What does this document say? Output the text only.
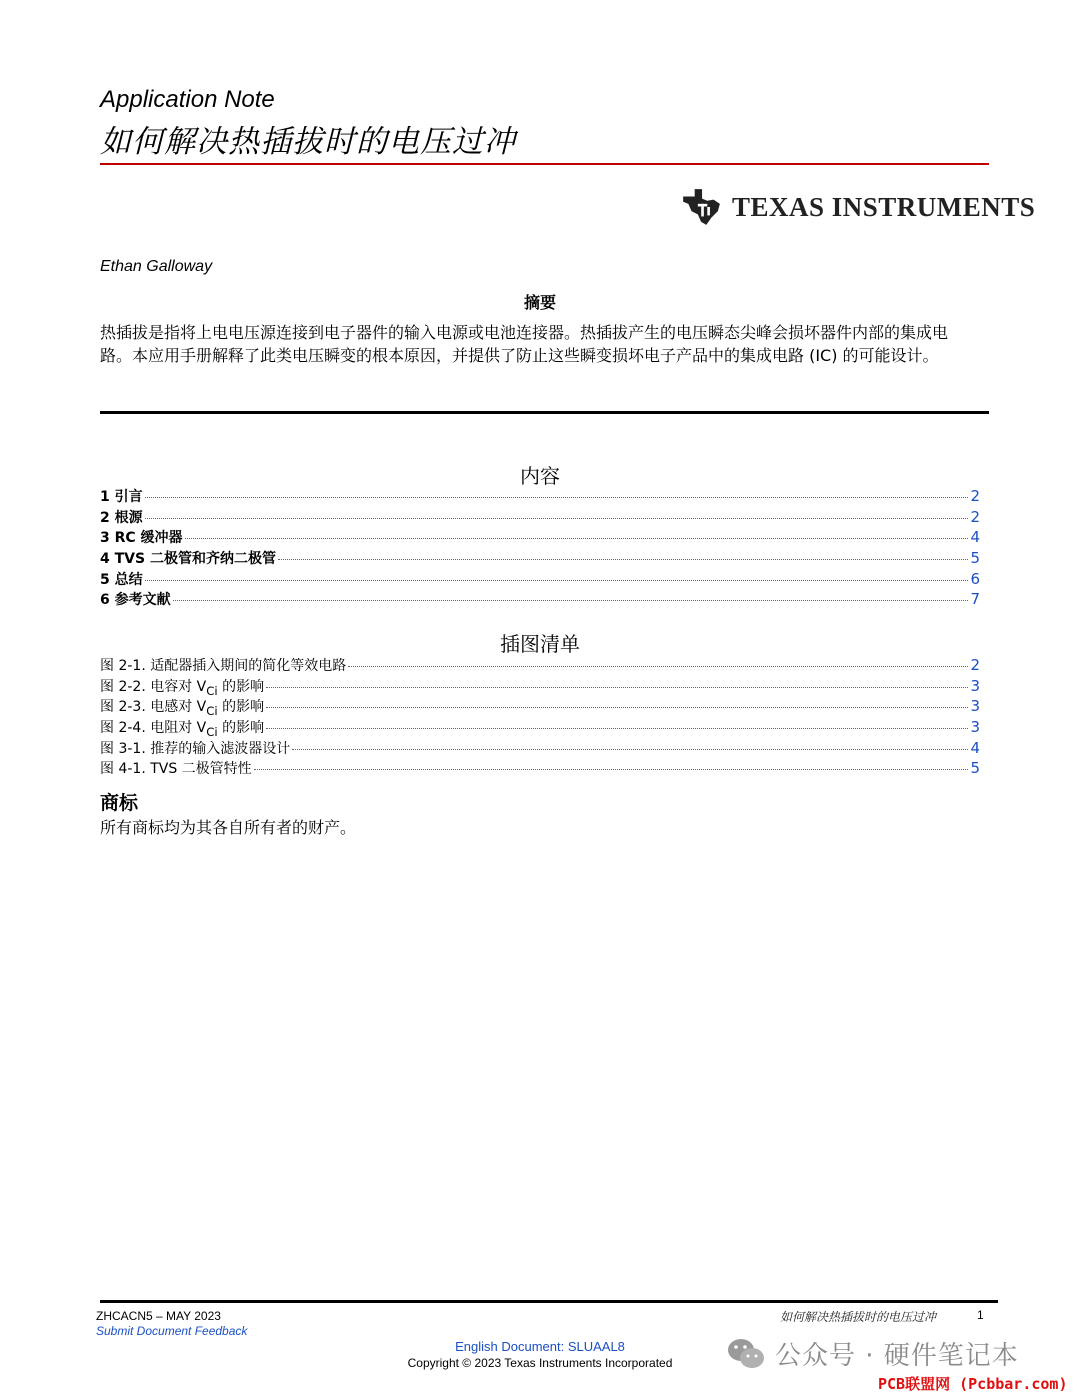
Application Note
如何解决热插拔时的电压过冲
TEXAS INSTRUMENTS
Ethan Galloway
摘要
热插拔是指将上电电压源连接到电子器件的输入电源或电池连接器。热插拔产生的电压瞬态尖峰会损坏器件内部的集成电路。本应用手册解释了此类电压瞬变的根本原因，并提供了防止这些瞬变损坏电子产品中的集成电路 (IC) 的可能设计。
内容
1 引言	2
2 根源	2
3 RC 缓冲器	4
4 TVS 二极管和齐纳二极管	5
5 总结	6
6 参考文献	7
插图清单
图 2-1. 适配器插入期间的简化等效电路	2
图 2-2. 电容对 $V_{Ci}$ 的影响	3
图 2-3. 电感对 $V_{Ci}$ 的影响	3
图 2-4. 电阻对 $V_{Ci}$ 的影响	3
图 3-1. 推荐的输入滤波器设计	4
图 4-1. TVS 二极管特性	5
商标
所有商标均为其各自所有者的财产。
ZHCACN5 – MAY 2023
Submit Document Feedback
如何解决热插拔时的电压过冲	1
English Document: SLUAAL8
Copyright © 2023 Texas Instruments Incorporated	公众号 · 硬件笔记本
PCB联盟网 (Pcbbar.com)
